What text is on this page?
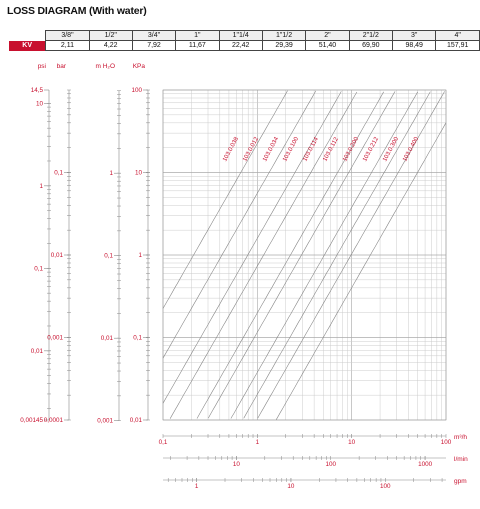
LOSS DIAGRAM (With water)
	3/8"	1/2"	3/4"	1"	1"1/4	1"1/2	2"	2"1/2	3"	4"
KV	2,11	4,22	7,92	11,67	22,42	29,39	51,40	69,90	98,49	157,91
103.0.038 103.0.012 103.0.034 103.0.100 103.0.114 103.0.112 103.0.200 103.0.212 103.0.300 103.0.400
psi
14,5
10
1
0,1
0,01
0,00145
bar
0,1
0,01
0,001
0,0001
m H₂O
1
0,1
0,01
0,001
KPa
100
10
1
0,1
0,01
0,1	1	10	100
m³/h
10	100	1000
l/min
1	10	100
gpm
